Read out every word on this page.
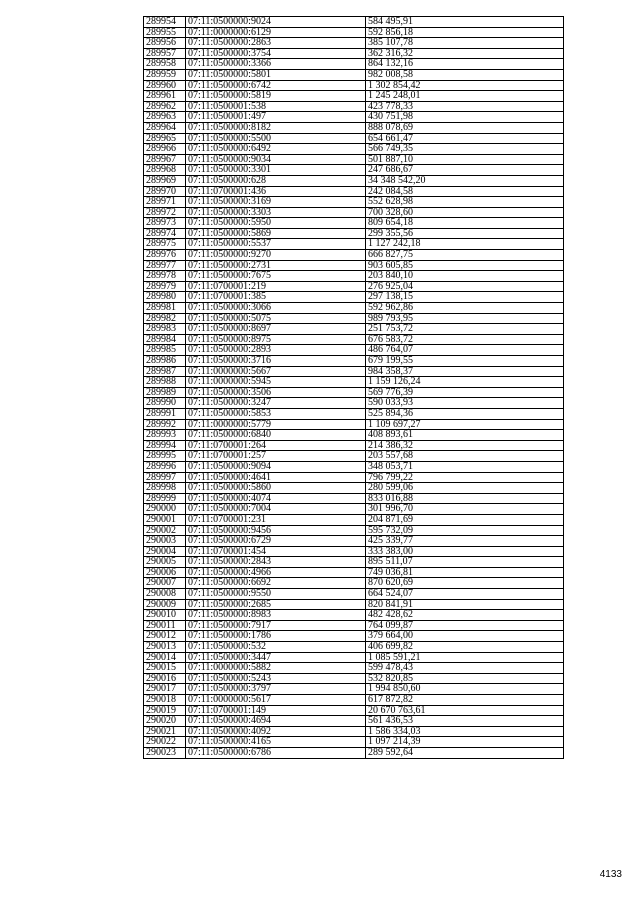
289954	07:11:0500000:9024	584 495,91
289955	07:11:0000000:6129	592 856,18
289956	07:11:0500000:2863	385 107,78
289957	07:11:0500000:3754	362 316,32
289958	07:11:0500000:3366	864 132,16
289959	07:11:0500000:5801	982 008,58
289960	07:11:0500000:6742	1 302 854,42
289961	07:11:0500000:5819	1 245 248,01
289962	07:11:0500001:538	423 778,33
289963	07:11:0500001:497	430 751,98
289964	07:11:0500000:8182	888 078,69
289965	07:11:0500000:5500	654 661,47
289966	07:11:0500000:6492	566 749,35
289967	07:11:0500000:9034	501 887,10
289968	07:11:0500000:3301	247 686,67
289969	07:11:0500000:628	34 348 542,20
289970	07:11:0700001:436	242 084,58
289971	07:11:0500000:3169	552 628,98
289972	07:11:0500000:3303	700 328,60
289973	07:11:0500000:5950	809 654,18
289974	07:11:0500000:5869	299 355,56
289975	07:11:0500000:5537	1 127 242,18
289976	07:11:0500000:9270	666 827,75
289977	07:11:0500000:2731	903 605,85
289978	07:11:0500000:7675	203 840,10
289979	07:11:0700001:219	276 925,04
289980	07:11:0700001:385	297 138,15
289981	07:11:0500000:3066	592 962,86
289982	07:11:0500000:5075	989 793,95
289983	07:11:0500000:8697	251 753,72
289984	07:11:0500000:8975	676 583,72
289985	07:11:0500000:2893	486 764,07
289986	07:11:0500000:3716	679 199,55
289987	07:11:0000000:5667	984 358,37
289988	07:11:0000000:5945	1 159 126,24
289989	07:11:0500000:3506	569 776,39
289990	07:11:0500000:3247	590 033,93
289991	07:11:0500000:5853	525 894,36
289992	07:11:0000000:5779	1 109 697,27
289993	07:11:0500000:6840	408 893,61
289994	07:11:0700001:264	214 386,32
289995	07:11:0700001:257	203 557,68
289996	07:11:0500000:9094	348 053,71
289997	07:11:0500000:4641	796 799,22
289998	07:11:0500000:5860	280 599,06
289999	07:11:0500000:4074	833 016,88
290000	07:11:0500000:7004	301 996,70
290001	07:11:0700001:231	204 871,69
290002	07:11:0500000:9456	595 732,09
290003	07:11:0500000:6729	425 339,77
290004	07:11:0700001:454	333 383,00
290005	07:11:0500000:2843	895 511,07
290006	07:11:0500000:4966	749 036,81
290007	07:11:0500000:6692	870 620,69
290008	07:11:0500000:9550	664 524,07
290009	07:11:0500000:2685	820 841,91
290010	07:11:0500000:8983	482 428,62
290011	07:11:0500000:7917	764 099,87
290012	07:11:0500000:1786	379 664,00
290013	07:11:0500000:532	406 699,82
290014	07:11:0500000:3447	1 085 591,21
290015	07:11:0000000:5882	599 478,43
290016	07:11:0500000:5243	532 820,85
290017	07:11:0500000:3797	1 994 850,60
290018	07:11:0000000:5617	617 872,82
290019	07:11:0700001:149	20 670 763,61
290020	07:11:0500000:4694	561 436,53
290021	07:11:0500000:4092	1 586 334,03
290022	07:11:0500000:4165	1 097 214,39
290023	07:11:0500000:6786	289 592,64
4133
